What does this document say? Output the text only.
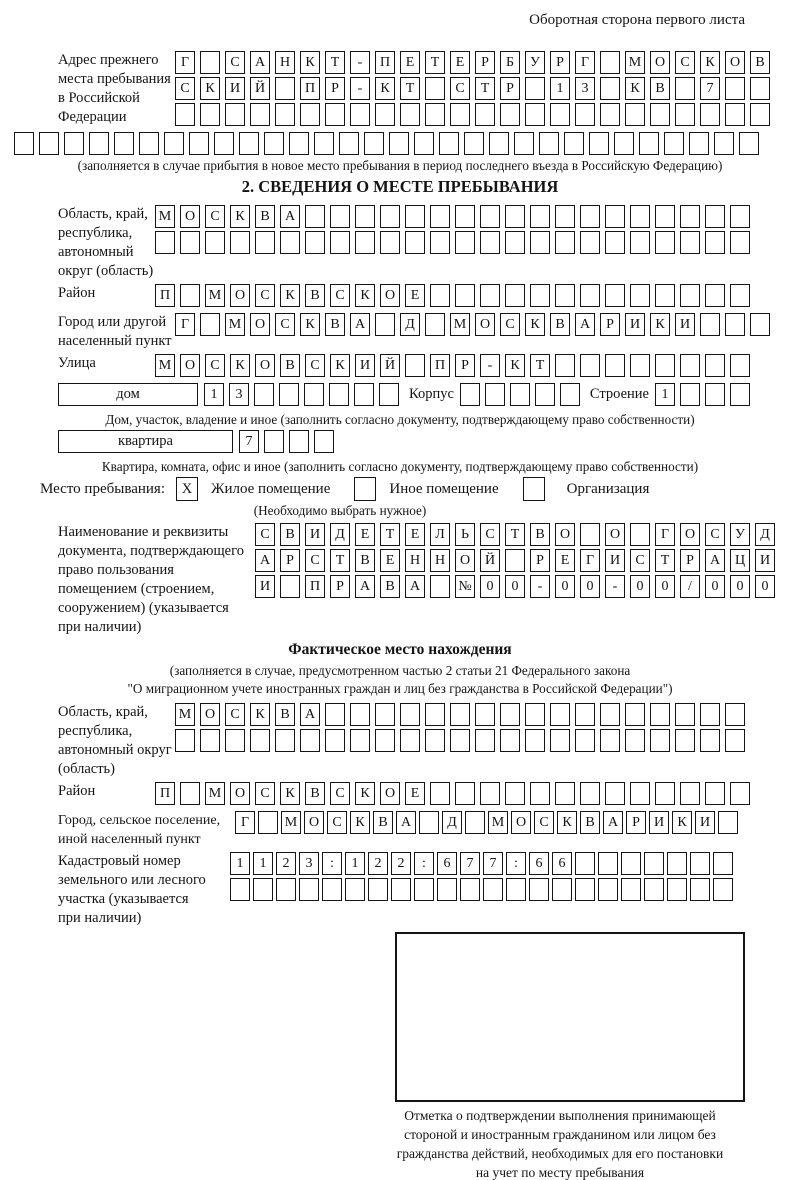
Оборотная сторона первого листа
Адрес прежнего
места пребывания
в Российской
Федерации
Г	С	А	Н	К	Т	-	П	Е	Т	Е	Р	Б	У	Р	Г	М О	С	К	О	В
С	К	И	Й	П	Р	-	К	Т	С	Т	Р	1	3	К	В	7
(заполняется в случае прибытия в новое место пребывания в период последнего въезда в Российскую Федерацию)
2. СВЕДЕНИЯ О МЕСТЕ ПРЕБЫВАНИЯ
Область, край,
республика,
автономный
округ (область)
М О	С	К	В	А
Район	П	М О	С	К	В	С	К	О	Е
Город или другой
населенный пункт
Г	М О	С	К	В	А	Д	М О	С	К	В	А	Р	И	К	И
Улица	М О	С	К	О	В	С	К	И	Й	П	Р	-	К	Т
дом	1	3	Корпус	Строение 1
Дом, участок, владение и иное (заполнить согласно документу, подтверждающему право собственности)
квартира	7
Квартира, комната, офис и иное (заполнить согласно документу, подтверждающему право собственности)
Место пребывания:	X	Жилое помещение	Иное помещение	Организация
(Необходимо выбрать нужное)
Наименование и реквизиты
документа, подтверждающего
право пользования
помещением (строением,
сооружением) (указывается
при наличии)
С	В	И	Д	Е	Т	Е	Л	Ь	С	Т	В	О	О	Г	О	С	У	Д
А	Р	С	Т	В	Е	Н	Н	О	Й	Р	Е	Г	И	С	Т	Р	А	Ц	И
И	П	Р	А	В	А	№	0	0	-	0	0	-	0	0	/	0	0	0
Фактическое место нахождения
(заполняется в случае, предусмотренном частью 2 статьи 21 Федерального закона
"О миграционном учете иностранных граждан и лиц без гражданства в Российской Федерации")
Область, край,
республика,
автономный округ
(область)
М О	С	К	В	А
Район	П	М О	С	К	В	С	К	О	Е
Город, сельское поселение,
иной населенный пункт
Г	М О С К В А	Д	М О С К В А	Р	И К И
Кадастровый номер
земельного или лесного
участка (указывается
при наличии)
1	1	2	3	:	1	2	2	:	6	7	7	:	6	6
Отметка о подтверждении выполнения принимающей
стороной и иностранным гражданином или лицом без
гражданства действий, необходимых для его постановки
на учет по месту пребывания
